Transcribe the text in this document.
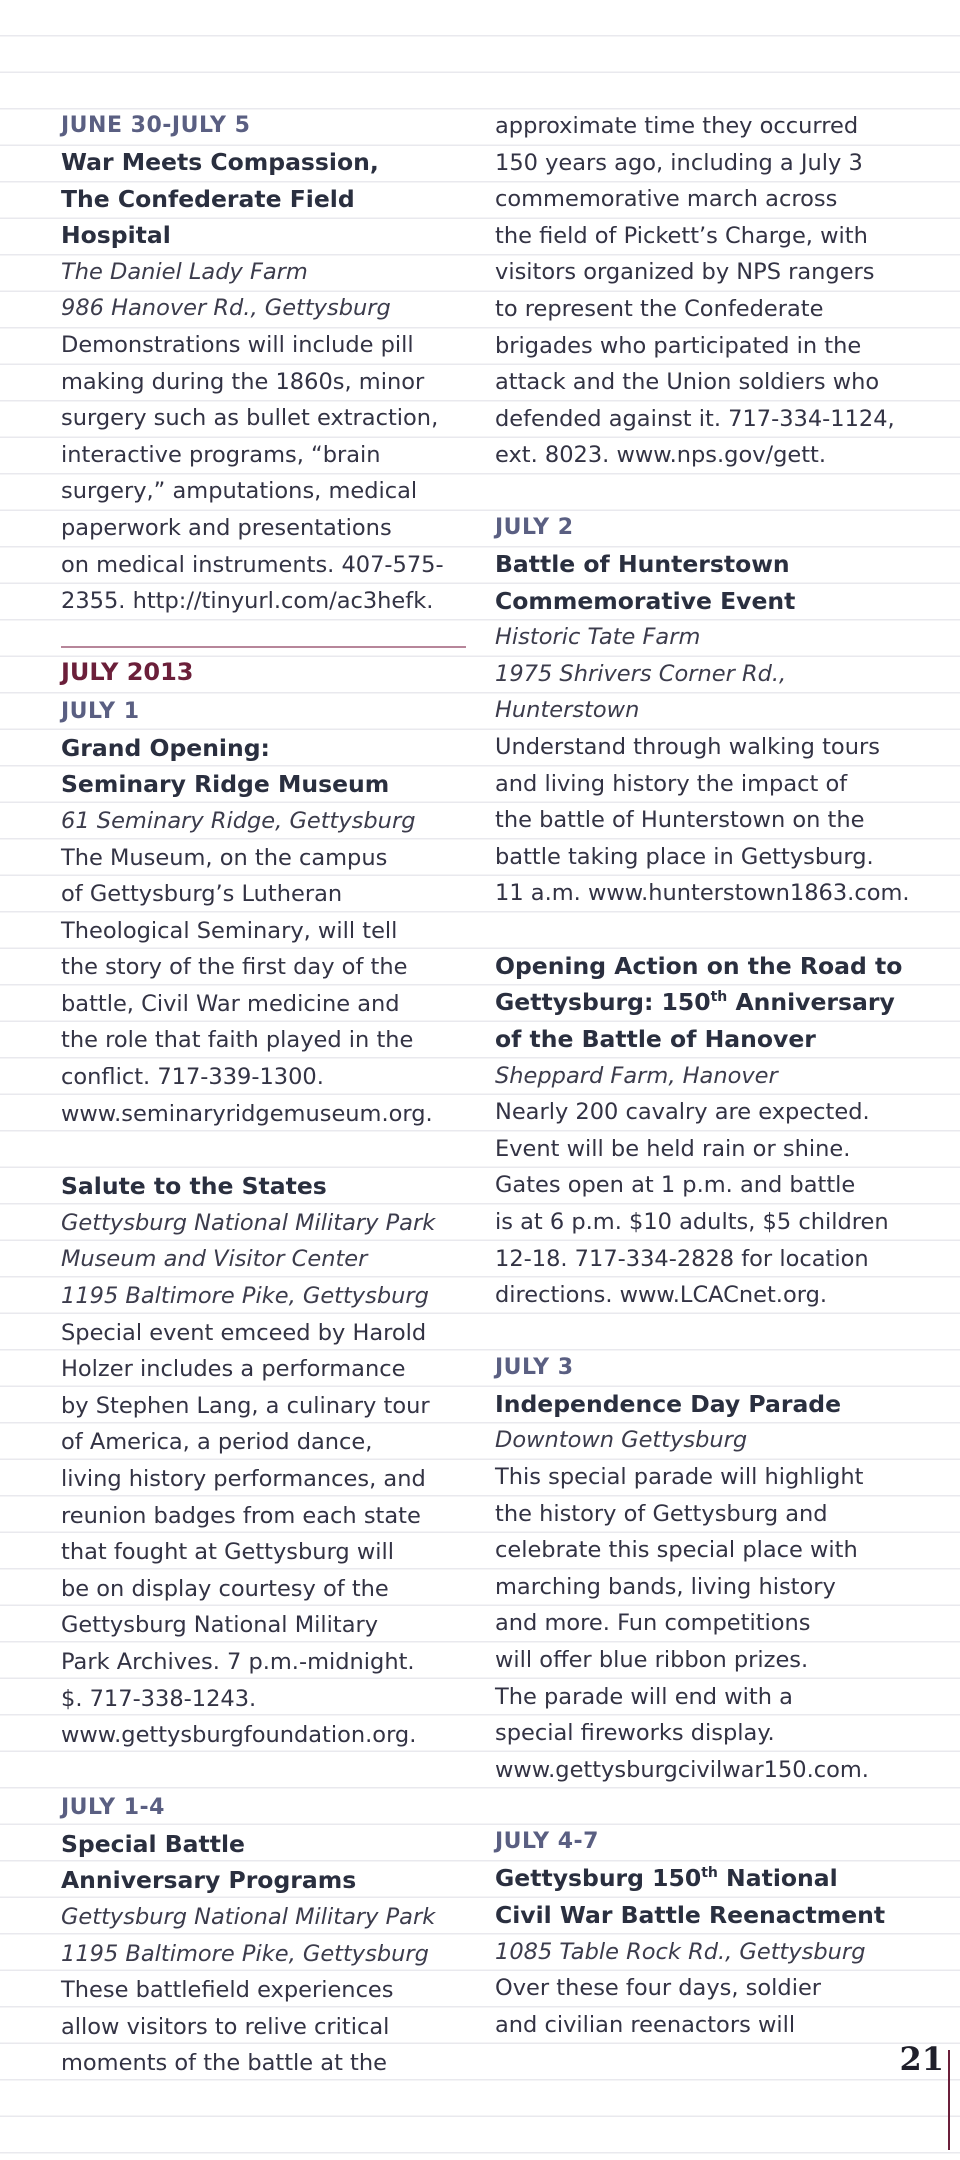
JUNE 30-JULY 5
War Meets Compassion,
The Confederate Field Hospital
The Daniel Lady Farm
986 Hanover Rd., Gettysburg
Demonstrations will include pill
making during the 1860s, minor
surgery such as bullet extraction,
interactive programs, “brain
surgery,” amputations, medical
paperwork and presentations
on medical instruments. 407-575-
2355. http://tinyurl.com/ac3hefk.
JULY 2013
JULY 1
Grand Opening:
Seminary Ridge Museum
61 Seminary Ridge, Gettysburg
The Museum, on the campus
of Gettysburg’s Lutheran
Theological Seminary, will tell
the story of the first day of the
battle, Civil War medicine and
the role that faith played in the
conflict. 717-339-1300.
www.seminaryridgemuseum.org.
Salute to the States
Gettysburg National Military Park
Museum and Visitor Center
1195 Baltimore Pike, Gettysburg
Special event emceed by Harold
Holzer includes a performance
by Stephen Lang, a culinary tour
of America, a period dance,
living history performances, and
reunion badges from each state
that fought at Gettysburg will
be on display courtesy of the
Gettysburg National Military
Park Archives. 7 p.m.-midnight.
$. 717-338-1243.
www.gettysburgfoundation.org.
JULY 1-4
Special Battle
Anniversary Programs
Gettysburg National Military Park
1195 Baltimore Pike, Gettysburg
These battlefield experiences
allow visitors to relive critical
moments of the battle at the
approximate time they occurred
150 years ago, including a July 3
commemorative march across
the field of Pickett’s Charge, with
visitors organized by NPS rangers
to represent the Confederate
brigades who participated in the
attack and the Union soldiers who
defended against it. 717-334-1124,
ext. 8023. www.nps.gov/gett.
JULY 2
Battle of Hunterstown
Commemorative Event
Historic Tate Farm
1975 Shrivers Corner Rd.,
Hunterstown
Understand through walking tours
and living history the impact of
the battle of Hunterstown on the
battle taking place in Gettysburg.
11 a.m. www.hunterstown1863.com.
Opening Action on the Road to
Gettysburg: 150th Anniversary
of the Battle of Hanover
Sheppard Farm, Hanover
Nearly 200 cavalry are expected.
Event will be held rain or shine.
Gates open at 1 p.m. and battle
is at 6 p.m. $10 adults, $5 children
12-18. 717-334-2828 for location
directions. www.LCACnet.org.
JULY 3
Independence Day Parade
Downtown Gettysburg
This special parade will highlight
the history of Gettysburg and
celebrate this special place with
marching bands, living history
and more. Fun competitions
will offer blue ribbon prizes.
The parade will end with a
special fireworks display.
www.gettysburgcivilwar150.com.
JULY 4-7
Gettysburg 150th National
Civil War Battle Reenactment
1085 Table Rock Rd., Gettysburg
Over these four days, soldier
and civilian reenactors will
21
